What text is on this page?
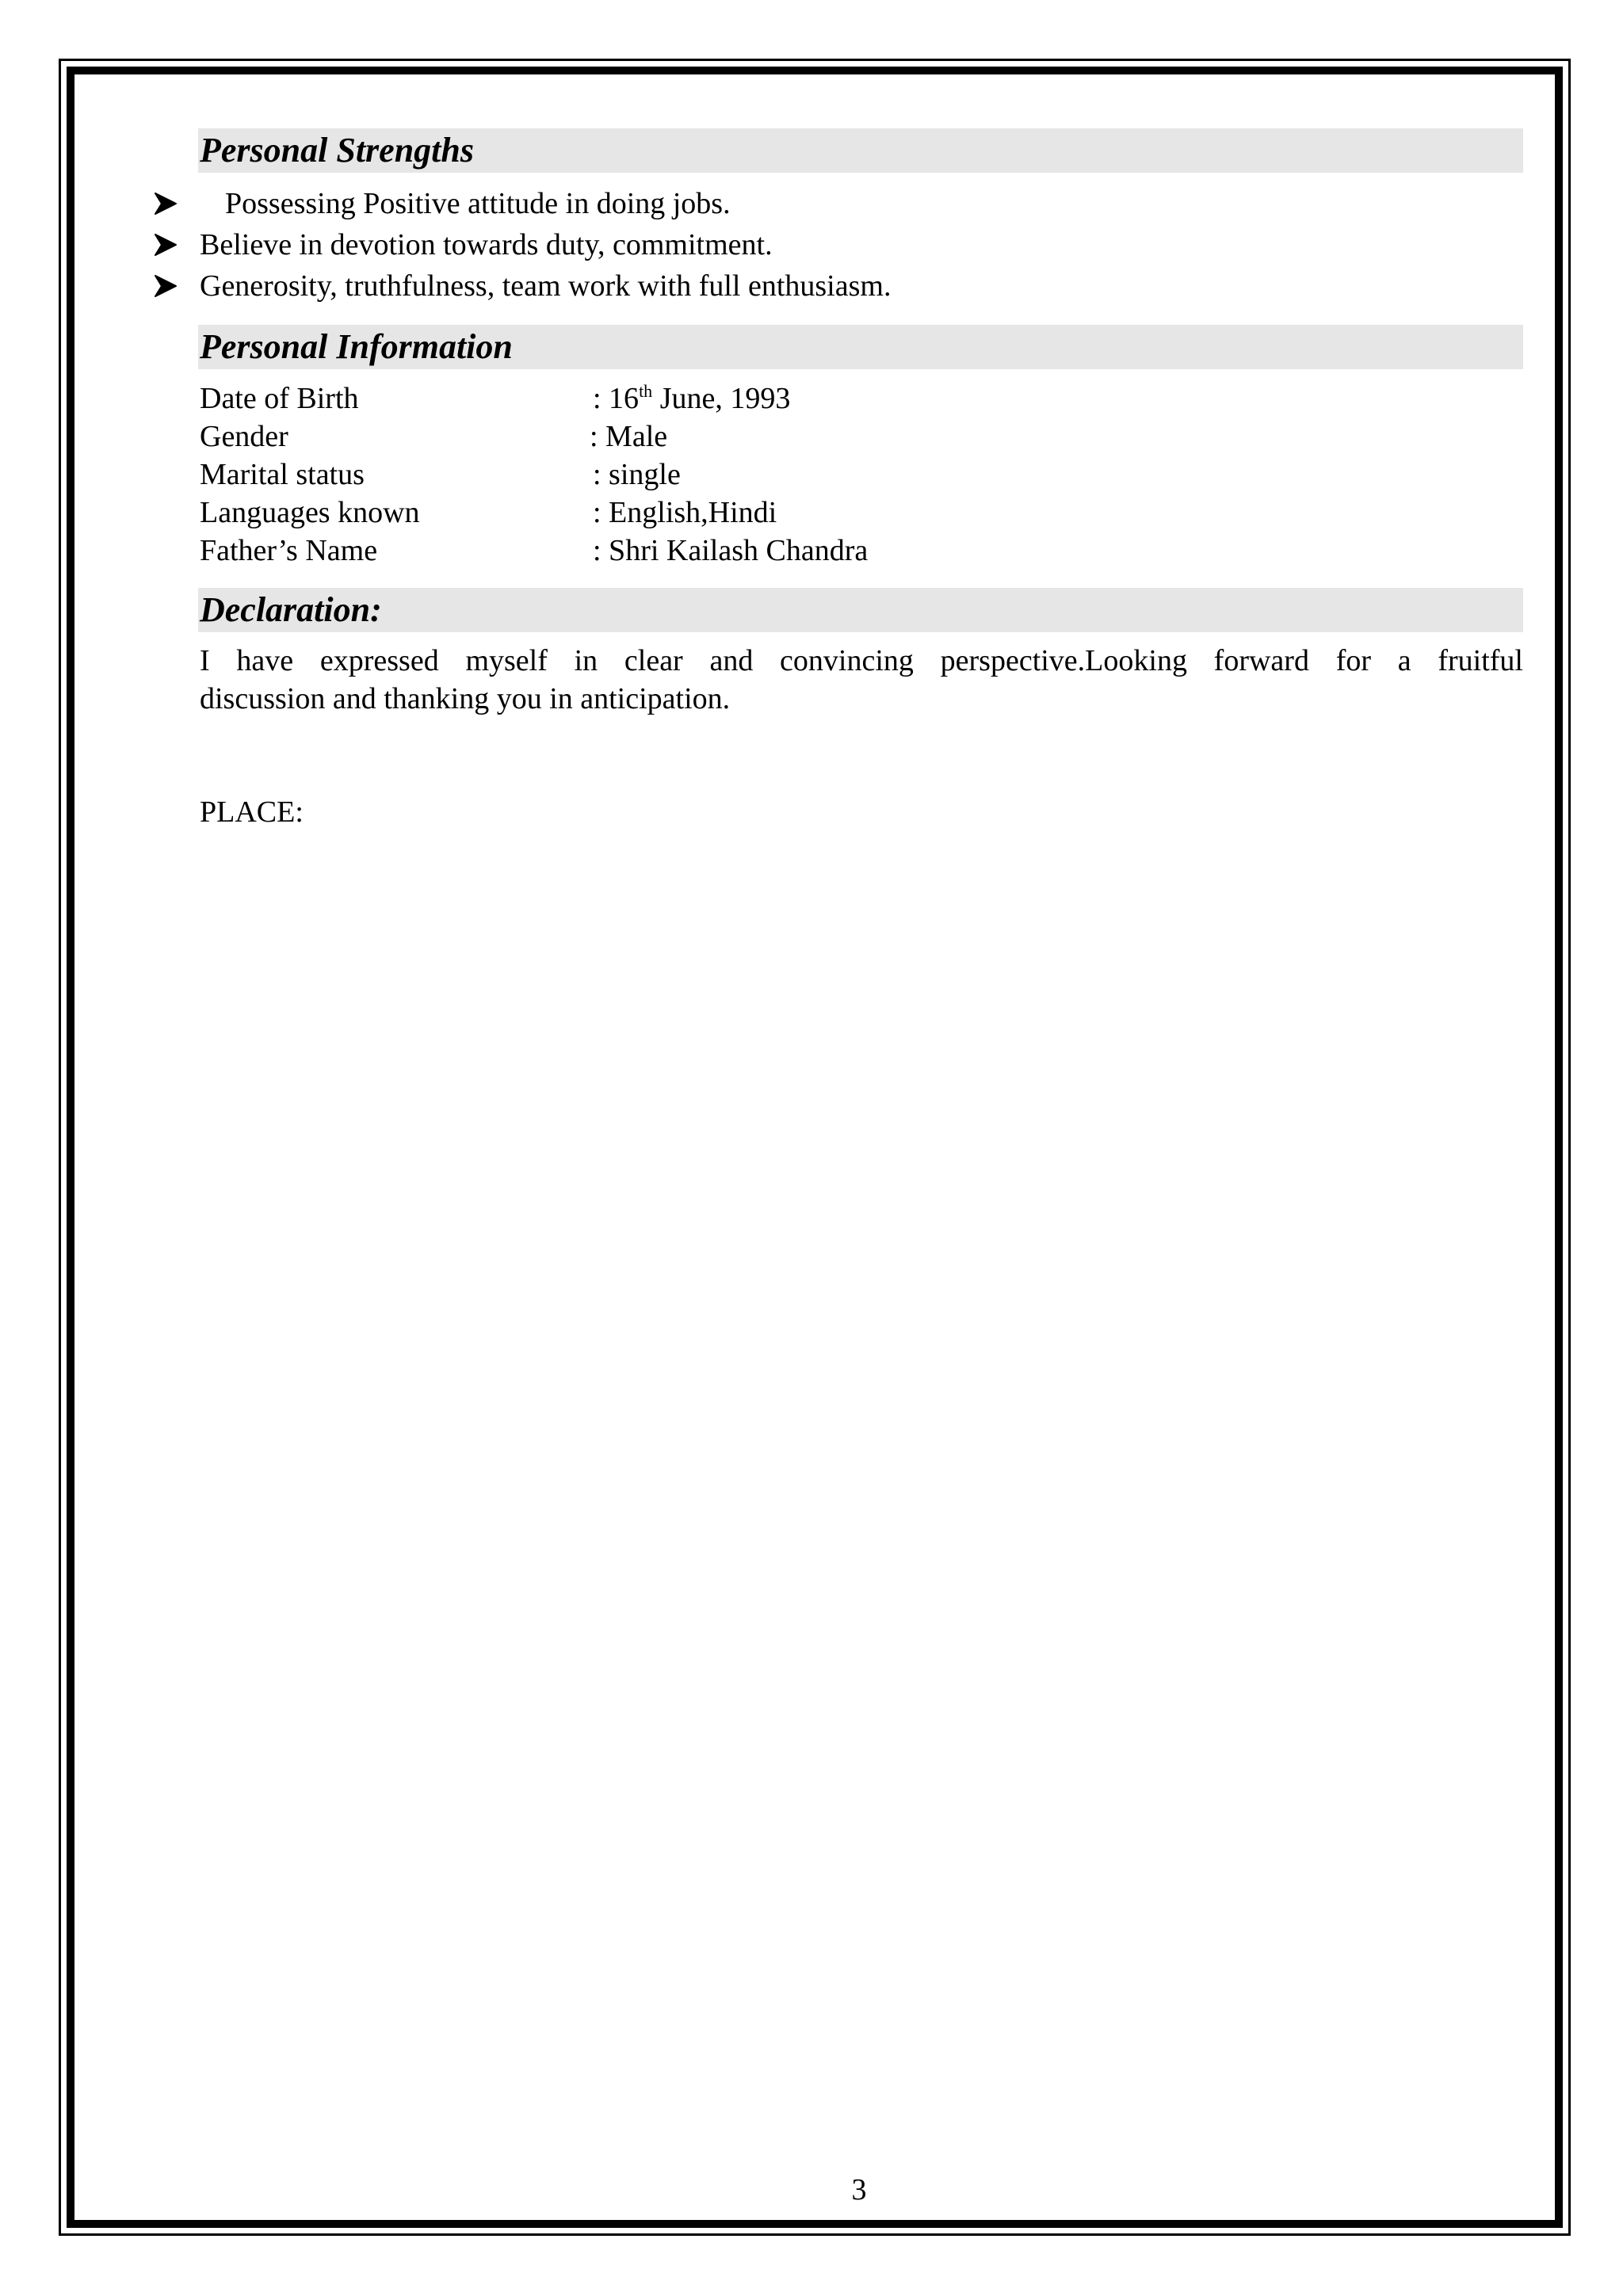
Personal Strengths
Possessing Positive attitude in doing jobs.
Believe in devotion towards duty, commitment.
Generosity, truthfulness, team work with full enthusiasm.
Personal Information
Date of Birth	: 16th June, 1993
Gender	: Male
Marital status	: single
Languages known	: English,Hindi
Father’s Name	: Shri Kailash Chandra
Declaration:
I have expressed myself in clear and convincing perspective.Looking forward for a fruitful
discussion and thanking you in anticipation.
PLACE:
3
